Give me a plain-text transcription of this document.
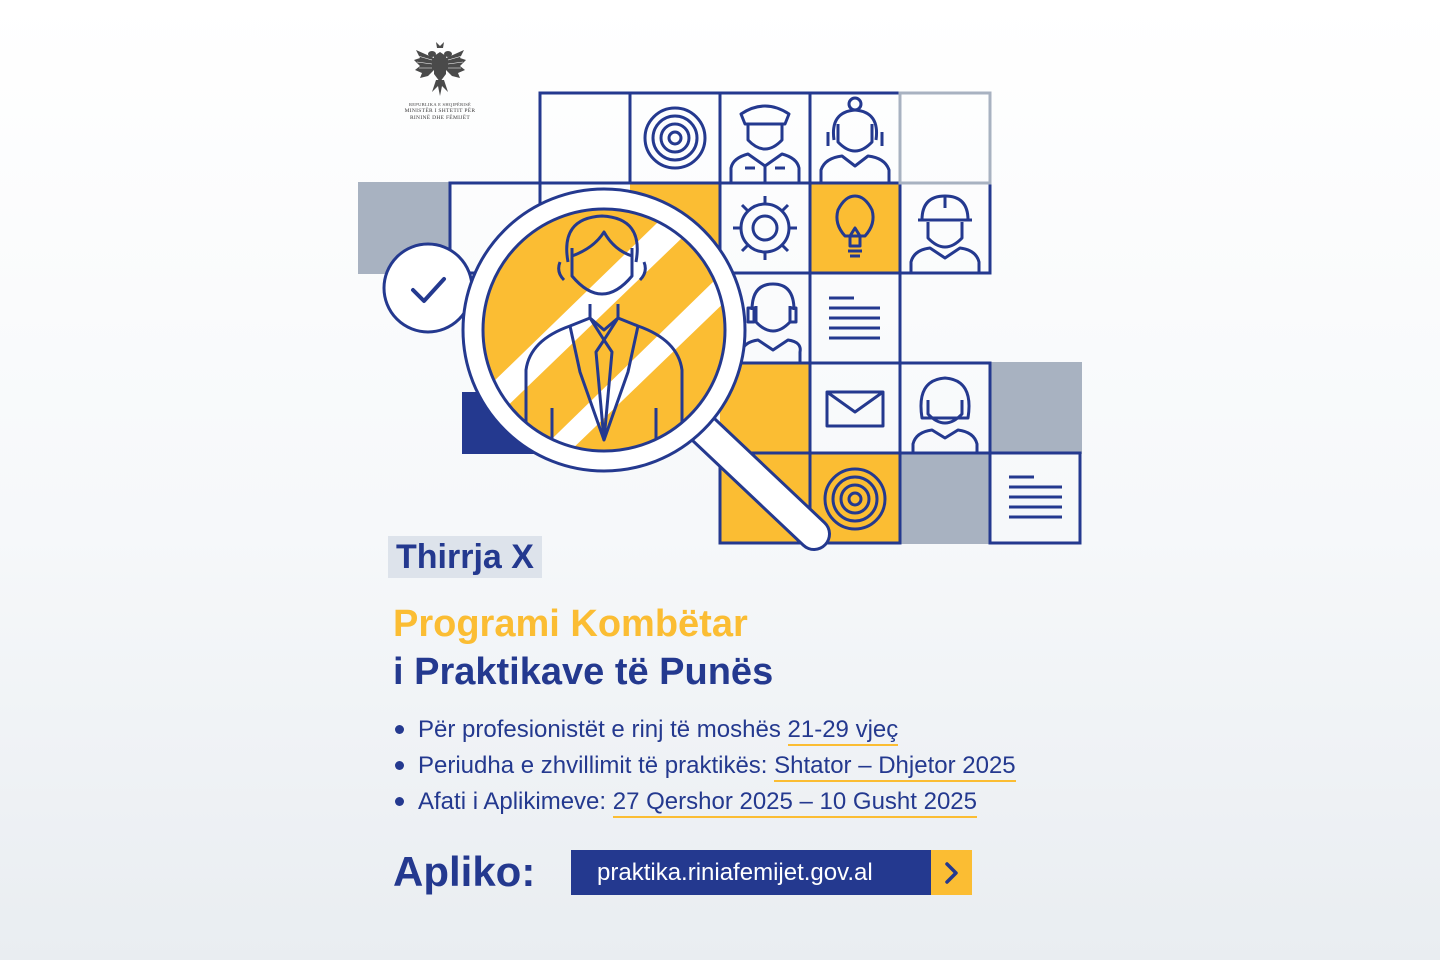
REPUBLIKA E SHQIPËRISË
MINISTËR I SHTETIT PËR
RININË DHE FËMIJËT
Thirrja X
Programi Kombëtar
i Praktikave të Punës
Për profesionistët e rinj të moshës 21-29 vjeç
Periudha e zhvillimit të praktikës: Shtator – Dhjetor 2025
Afati i Aplikimeve: 27 Qershor 2025 – 10 Gusht 2025
Apliko:	praktika.riniafemijet.gov.al
